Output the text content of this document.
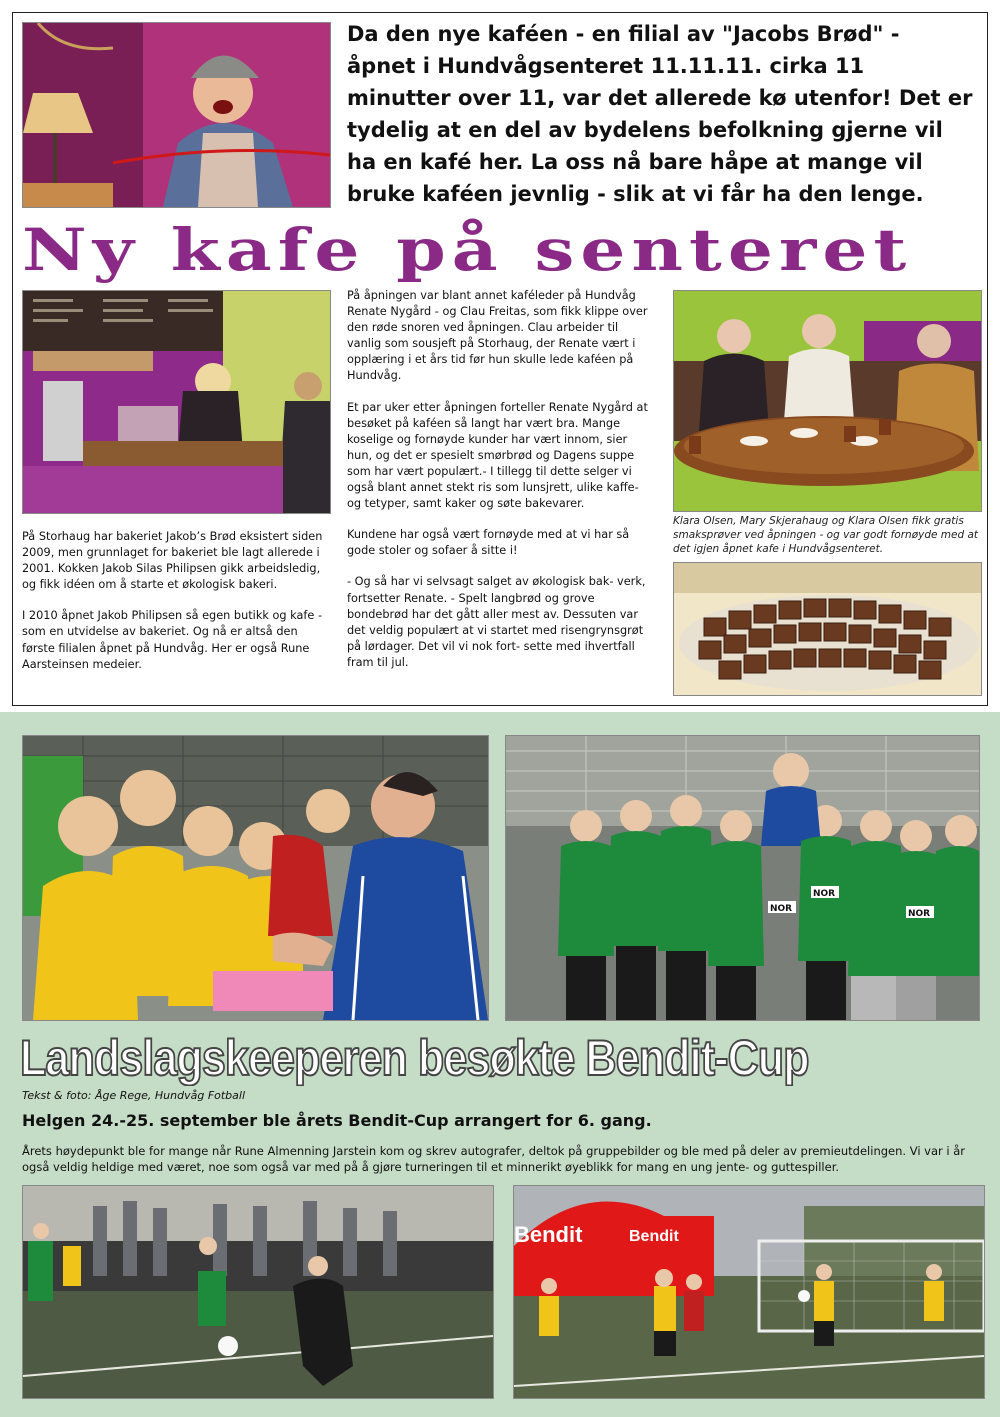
Da den nye kaféen - en filial av "Jacobs Brød" - åpnet i Hundvågsenteret 11.11.11. cirka 11 minutter over 11, var det allerede kø utenfor! Det er tydelig at en del av bydelens befolkning gjerne vil ha en kafé her. La oss nå bare håpe at mange vil bruke kaféen jevnlig - slik at vi får ha den lenge.

Ny kafe på senteret

På Storhaug har bakeriet Jakob’s Brød eksistert siden 2009, men grunnlaget for bakeriet ble lagt allerede i 2001. Kokken Jakob Silas Philipsen gikk arbeidsledig, og fikk idéen om å starte et økologisk bakeri.

I 2010 åpnet Jakob Philipsen så egen butikk og kafe - som en utvidelse av bakeriet. Og nå er altså den første filialen åpnet på Hundvåg. Her er også Rune Aarsteinsen medeier.

På åpningen var blant annet kaféleder på Hundvåg Renate Nygård - og Clau Freitas, som fikk klippe over den røde snoren ved åpningen. Clau arbeider til vanlig som sousjeft på Storhaug, der Renate vært i opplæring i et års tid før hun skulle lede kaféen på Hundvåg.

Et par uker etter åpningen forteller Renate Nygård at besøket på kaféen så langt har vært bra. Mange koselige og fornøyde kunder har vært innom, sier hun, og det er spesielt smørbrød og Dagens suppe som har vært populært.- I tillegg til dette selger vi også blant annet stekt ris som lunsjrett, ulike kaffe- og tetyper, samt kaker og søte bakevarer.

Kundene har også vært fornøyde med at vi har så gode stoler og sofaer å sitte i!

- Og så har vi selvsagt salget av økologisk bak- verk, fortsetter Renate. - Spelt langbrød og grove bondebrød har det gått aller mest av. Dessuten var det veldig populært at vi startet med risengrynsgrøt på lørdager. Det vil vi nok fort- sette med ihvertfall fram til jul.

Klara Olsen, Mary Skjerahaug og Klara Olsen fikk gratis smaksprøver ved åpningen - og var godt fornøyde med at det igjen åpnet kafe i Hundvågsenteret.
NOR
NOR
NOR
Landslagskeeperen besøkte Bendit-Cup
Tekst & foto: Åge Rege, Hundvåg Fotball
Helgen 24.-25. september ble årets Bendit-Cup arrangert for 6. gang.

Årets høydepunkt ble for mange når Rune Almenning Jarstein kom og skrev autografer, deltok på gruppebilder og ble med på deler av premieutdelingen. Vi var i år også veldig heldige med været, noe som også var med på å gjøre turneringen til et minnerikt øyeblikk for mang en ung jente- og guttespiller.

Bendit	Bendit
